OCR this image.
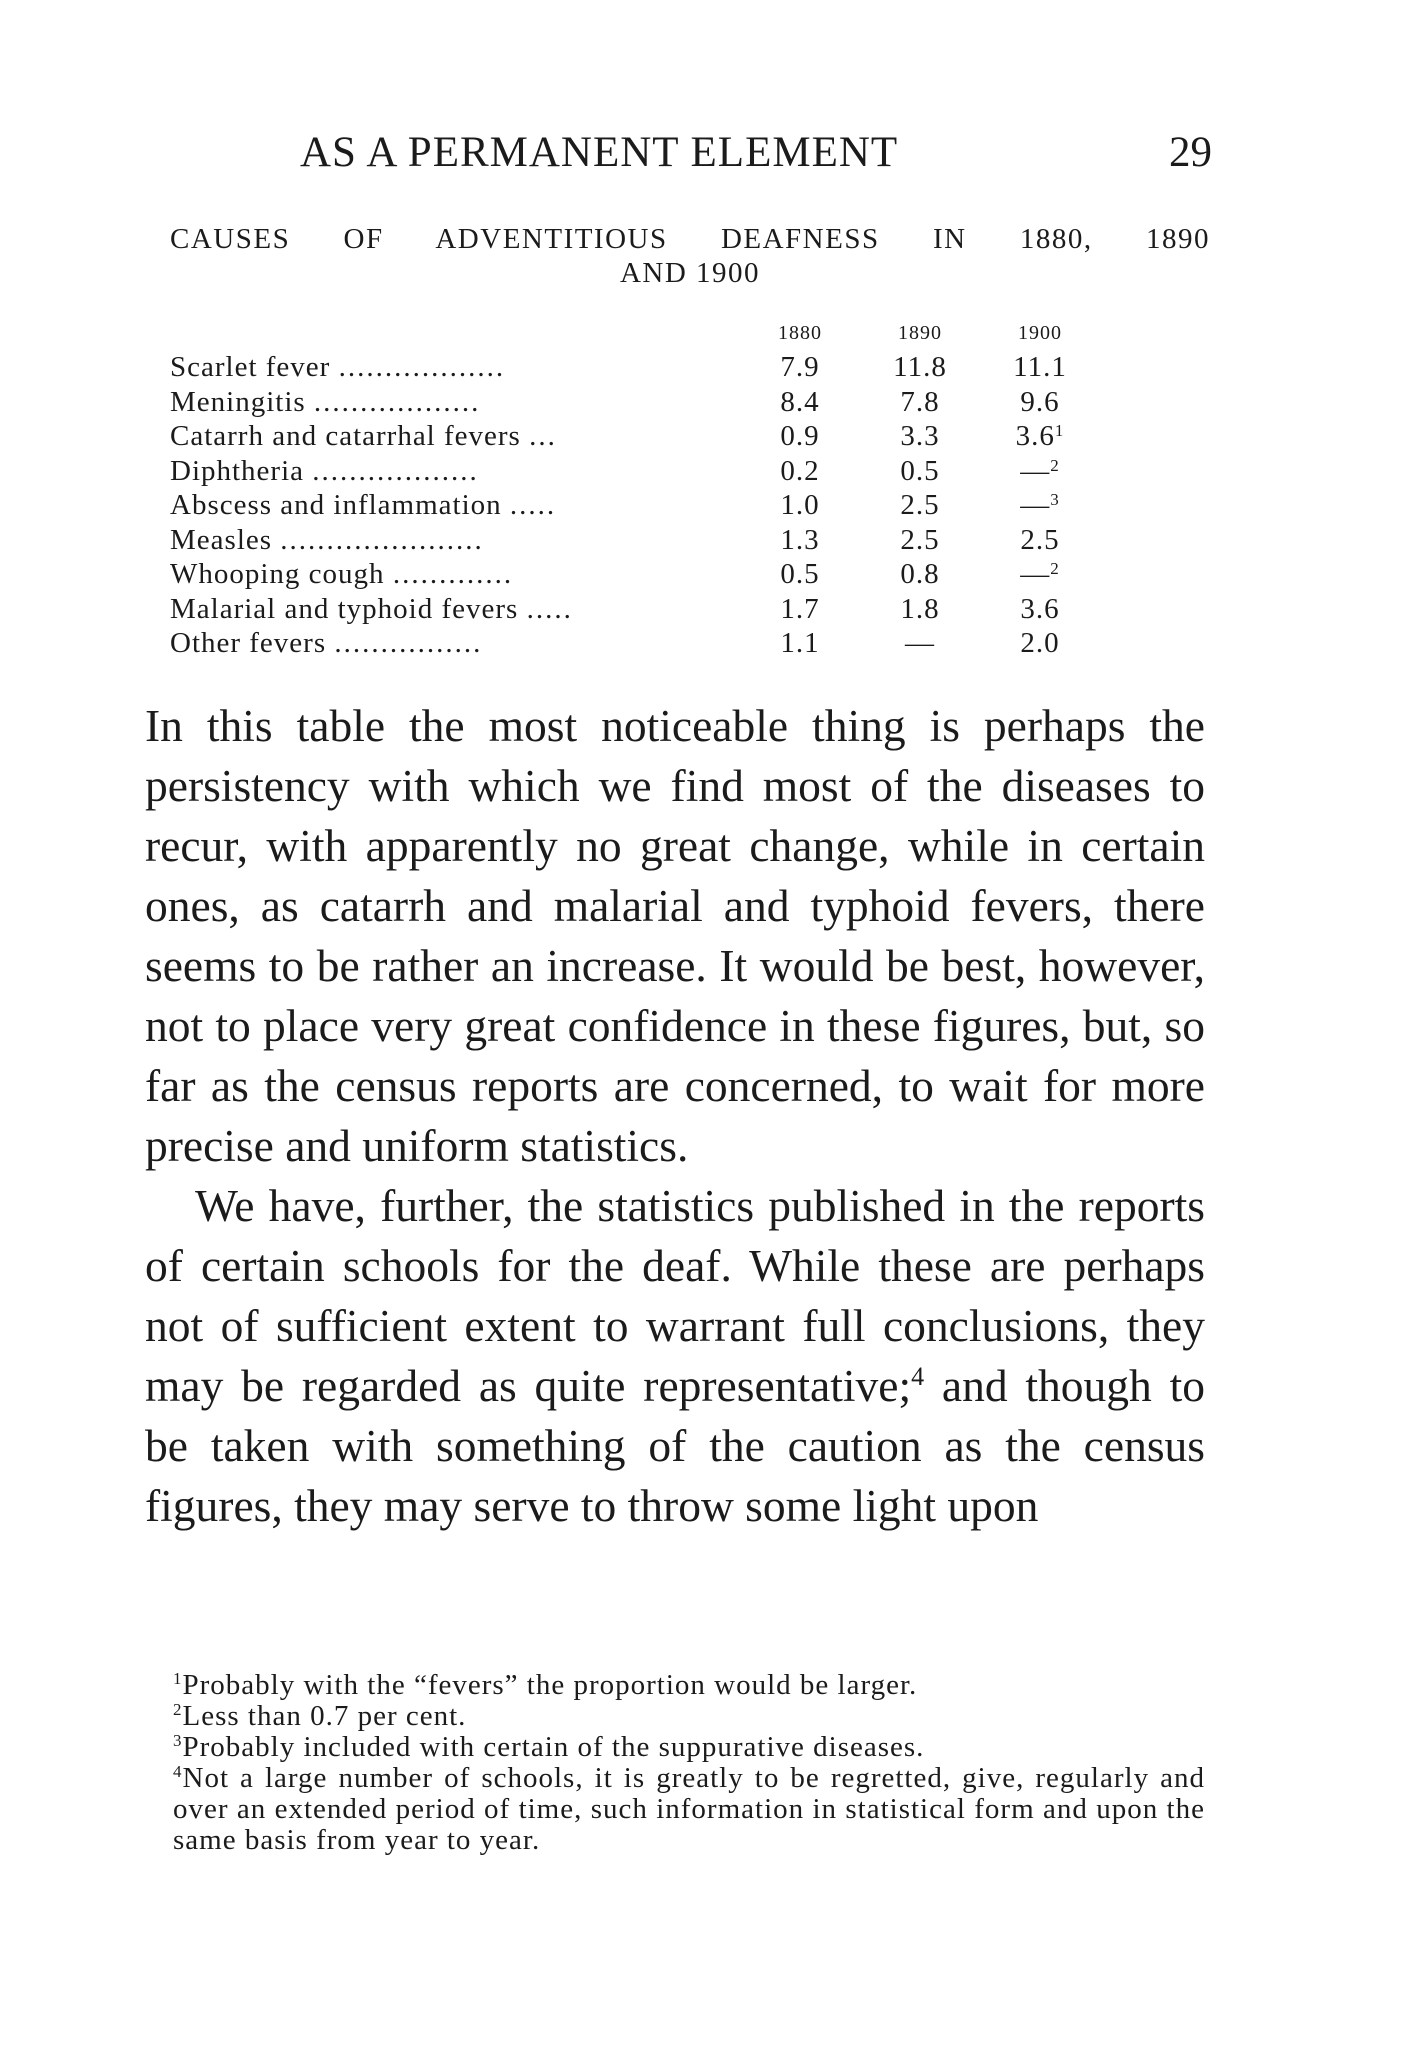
AS A PERMANENT ELEMENT	29
CAUSES OF ADVENTITIOUS DEAFNESS IN 1880, 1890
AND 1900
	1880	1890	1900
Scarlet fever ..................	7.9	11.8	11.1
Meningitis ..................	8.4	7.8	9.6
Catarrh and catarrhal fevers ...	0.9	3.3	3.6$^1$
Diphtheria ..................	0.2	0.5	—$^2$
Abscess and inflammation .....	1.0	2.5	—$^3$
Measles ......................	1.3	2.5	2.5
Whooping cough .............	0.5	0.8	—$^2$
Malarial and typhoid fevers .....	1.7	1.8	3.6
Other fevers ................	1.1	—	2.0

In this table the most noticeable thing is perhaps the persistency with which we find most of the diseases to recur, with apparently no great change, while in certain ones, as catarrh and malarial and typhoid fevers, there seems to be rather an increase. It would be best, however, not to place very great confidence in these figures, but, so far as the census reports are concerned, to wait for more precise and uniform statistics.

We have, further, the statistics published in the reports of certain schools for the deaf. While these are perhaps not of sufficient extent to warrant full conclusions, they may be regarded as quite representative;$^4$ and though to be taken with something of the caution as the census figures, they may serve to throw some light upon

$^1$Probably with the “fevers” the proportion would be larger.

$^2$Less than 0.7 per cent.

$^3$Probably included with certain of the suppurative diseases.

$^4$Not a large number of schools, it is greatly to be regretted, give, regularly and over an extended period of time, such information in statistical form and upon the same basis from year to year.
